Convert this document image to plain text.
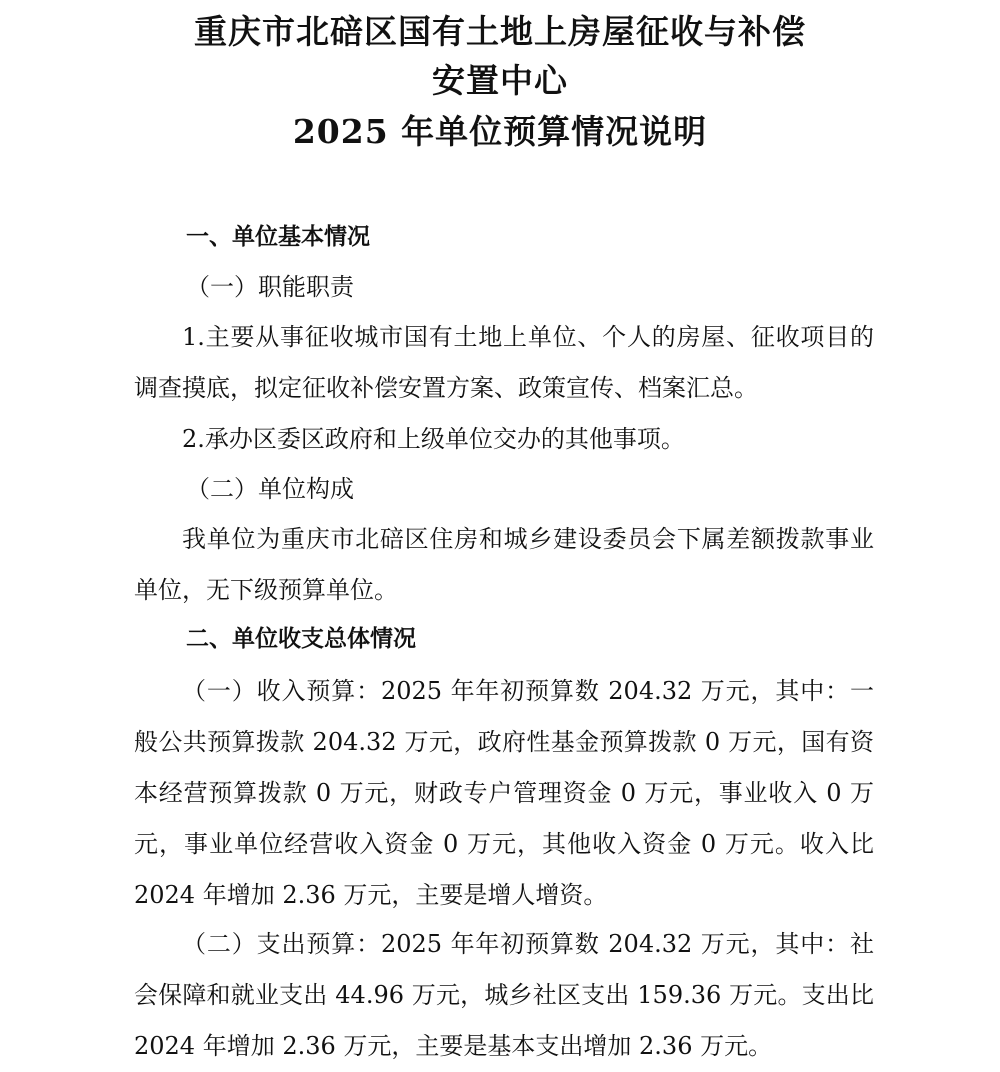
重庆市北碚区国有土地上房屋征收与补偿
安置中心
2025 年单位预算情况说明
一、单位基本情况
（一）职能职责
1.主要从事征收城市国有土地上单位、个人的房屋、征收项目的调查摸底，拟定征收补偿安置方案、政策宣传、档案汇总。
2.承办区委区政府和上级单位交办的其他事项。
（二）单位构成
我单位为重庆市北碚区住房和城乡建设委员会下属差额拨款事业单位，无下级预算单位。
二、单位收支总体情况
（一）收入预算：2025 年年初预算数 204.32 万元，其中：一般公共预算拨款 204.32 万元，政府性基金预算拨款 0 万元，国有资本经营预算拨款 0 万元，财政专户管理资金 0 万元，事业收入 0 万元，事业单位经营收入资金 0 万元，其他收入资金 0 万元。收入比 2024 年增加 2.36 万元，主要是增人增资。
（二）支出预算：2025 年年初预算数 204.32 万元，其中：社会保障和就业支出 44.96 万元，城乡社区支出 159.36 万元。支出比 2024 年增加 2.36 万元，主要是基本支出增加 2.36 万元。
